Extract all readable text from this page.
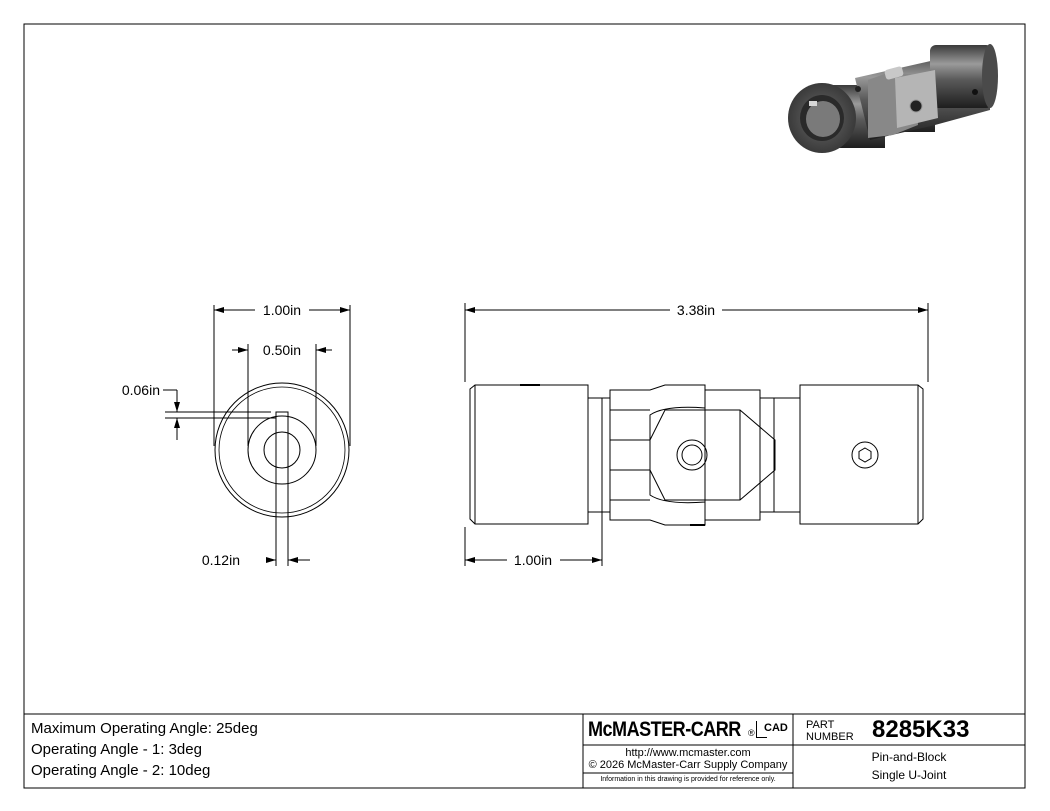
1.00in
0.50in
0.06in
0.12in
3.38in
1.00in
Maximum Operating Angle: 25deg
Operating Angle - 1: 3deg
Operating Angle - 2: 10deg
McMASTER-CARR ® CAD PART
NUMBER 8285K33
http://www.mcmaster.com
© 2026 McMaster-Carr Supply Company
Information in this drawing is provided for reference only.
Pin-and-Block
Single U-Joint
